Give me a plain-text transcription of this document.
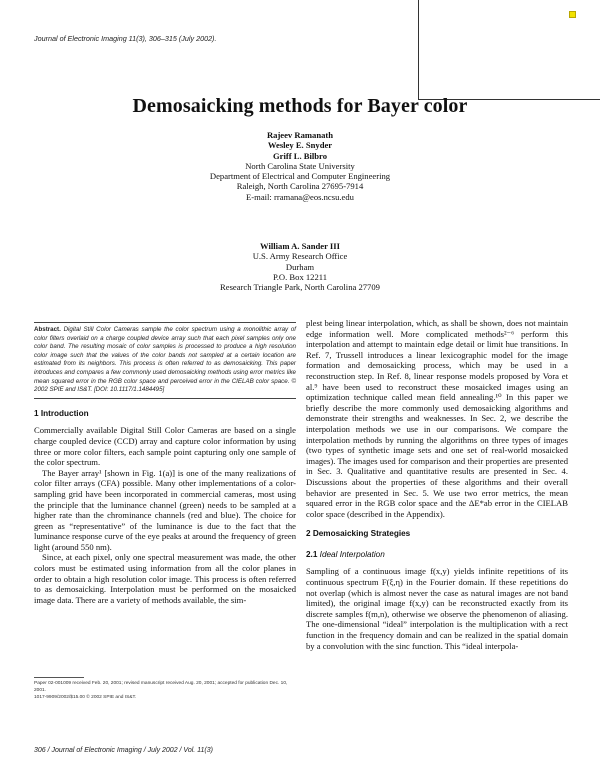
Journal of Electronic Imaging 11(3), 306–315 (July 2002).
Demosaicking methods for Bayer color
Rajeev Ramanath
Wesley E. Snyder
Griff L. Bilbro
North Carolina State University
Department of Electrical and Computer Engineering
Raleigh, North Carolina 27695-7914
E-mail: rramana@eos.ncsu.edu
William A. Sander III
U.S. Army Research Office
Durham
P.O. Box 12211
Research Triangle Park, North Carolina 27709

Abstract. Digital Still Color Cameras sample the color spectrum using a monolithic array of color filters overlaid on a charge coupled device array such that each pixel samples only one color band. The resulting mosaic of color samples is processed to produce a high resolution color image such that the values of the color bands not sampled at a certain location are estimated from its neighbors. This process is often referred to as demosaicking. This paper introduces and compares a few commonly used demosaicking methods using error metrics like mean squared error in the RGB color space and perceived error in the CIELAB color space. © 2002 SPIE and IS&T. [DOI: 10.1117/1.1484495]

1 Introduction

Commercially available Digital Still Color Cameras are based on a single charge coupled device (CCD) array and capture color information by using three or more color filters, each sample point capturing only one sample of the color spectrum.

The Bayer array¹ [shown in Fig. 1(a)] is one of the many realizations of color filter arrays (CFA) possible. Many other implementations of a color-sampling grid have been incorporated in commercial cameras, most using the principle that the luminance channel (green) needs to be sampled at a higher rate than the chrominance channels (red and blue). The choice for green as “representative” of the luminance is due to the fact that the luminance response curve of the eye peaks at around the frequency of green light (around 550 nm).

Since, at each pixel, only one spectral measurement was made, the other colors must be estimated using information from all the color planes in order to obtain a high resolution color image. This process is often referred to as demosaicking. Interpolation must be performed on the mosaicked image data. There are a variety of methods available, the sim-

plest being linear interpolation, which, as shall be shown, does not maintain edge information well. More complicated methods²⁻⁶ perform this interpolation and attempt to maintain edge detail or limit hue transitions. In Ref. 7, Trussell introduces a linear lexicographic model for the image formation and demosaicking process, which may be used in a reconstruction step. In Ref. 8, linear response models proposed by Vora et al.⁹ have been used to reconstruct these mosaicked images using an optimization technique called mean field annealing.¹⁰ In this paper we briefly describe the more commonly used demosaicking algorithms and demonstrate their strengths and weaknesses. In Sec. 2, we describe the interpolation methods we use in our comparisons. We compare the interpolation methods by running the algorithms on three types of images (two types of synthetic image sets and one set of real-world mosaicked images). The images used for comparison and their properties are presented in Sec. 3. Qualitative and quantitative results are presented in Sec. 4. Discussions about the properties of these algorithms and their overall behavior are presented in Sec. 5. We use two error metrics, the mean squared error in the RGB color space and the ΔE*ab error in the CIELAB color space (described in the Appendix).

2 Demosaicking Strategies
2.1 Ideal Interpolation

Sampling of a continuous image f(x,y) yields infinite repetitions of its continuous spectrum F(ξ,η) in the Fourier domain. If these repetitions do not overlap (which is almost never the case as natural images are not band limited), the original image f(x,y) can be reconstructed exactly from its discrete samples f(m,n), otherwise we observe the phenomenon of aliasing. The one-dimensional “ideal” interpolation is the multiplication with a rect function in the frequency domain and can be realized in the spatial domain by a convolution with the sinc function. This “ideal interpola-

Paper 02-001009 received Feb. 20, 2001; revised manuscript received Aug. 20, 2001; accepted for publication Dec. 10, 2001.
1017-9909/2002/$15.00 © 2002 SPIE and IS&T.
306 / Journal of Electronic Imaging / July 2002 / Vol. 11(3)
